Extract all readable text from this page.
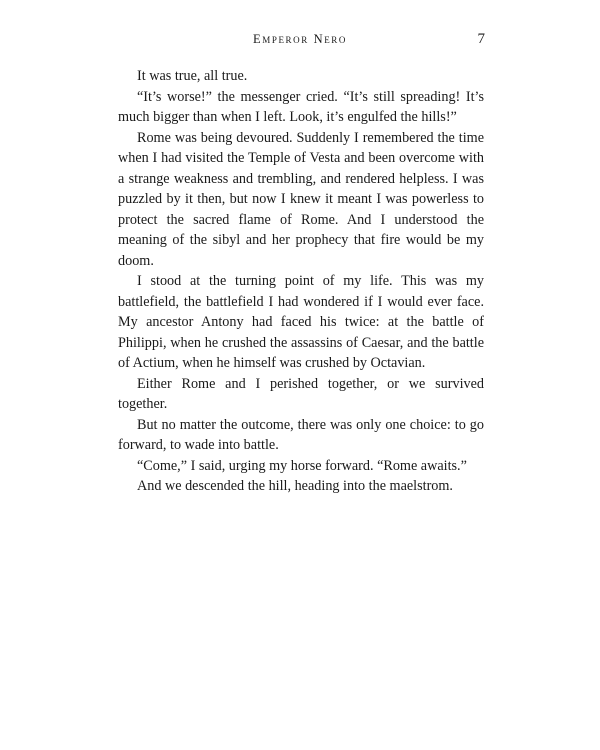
Emperor Nero	7

It was true, all true.

“It’s worse!” the messenger cried. “It’s still spreading! It’s much bigger than when I left. Look, it’s engulfed the hills!”

Rome was being devoured. Suddenly I remembered the time when I had visited the Temple of Vesta and been overcome with a strange weakness and trembling, and rendered helpless. I was puzzled by it then, but now I knew it meant I was powerless to protect the sacred flame of Rome. And I understood the meaning of the sibyl and her prophecy that fire would be my doom.

I stood at the turning point of my life. This was my battlefield, the battlefield I had wondered if I would ever face. My ancestor Antony had faced his twice: at the battle of Philippi, when he crushed the assassins of Caesar, and the battle of Actium, when he himself was crushed by Octavian.

Either Rome and I perished together, or we survived together.

But no matter the outcome, there was only one choice: to go forward, to wade into battle.

“Come,” I said, urging my horse forward. “Rome awaits.”

And we descended the hill, heading into the maelstrom.
